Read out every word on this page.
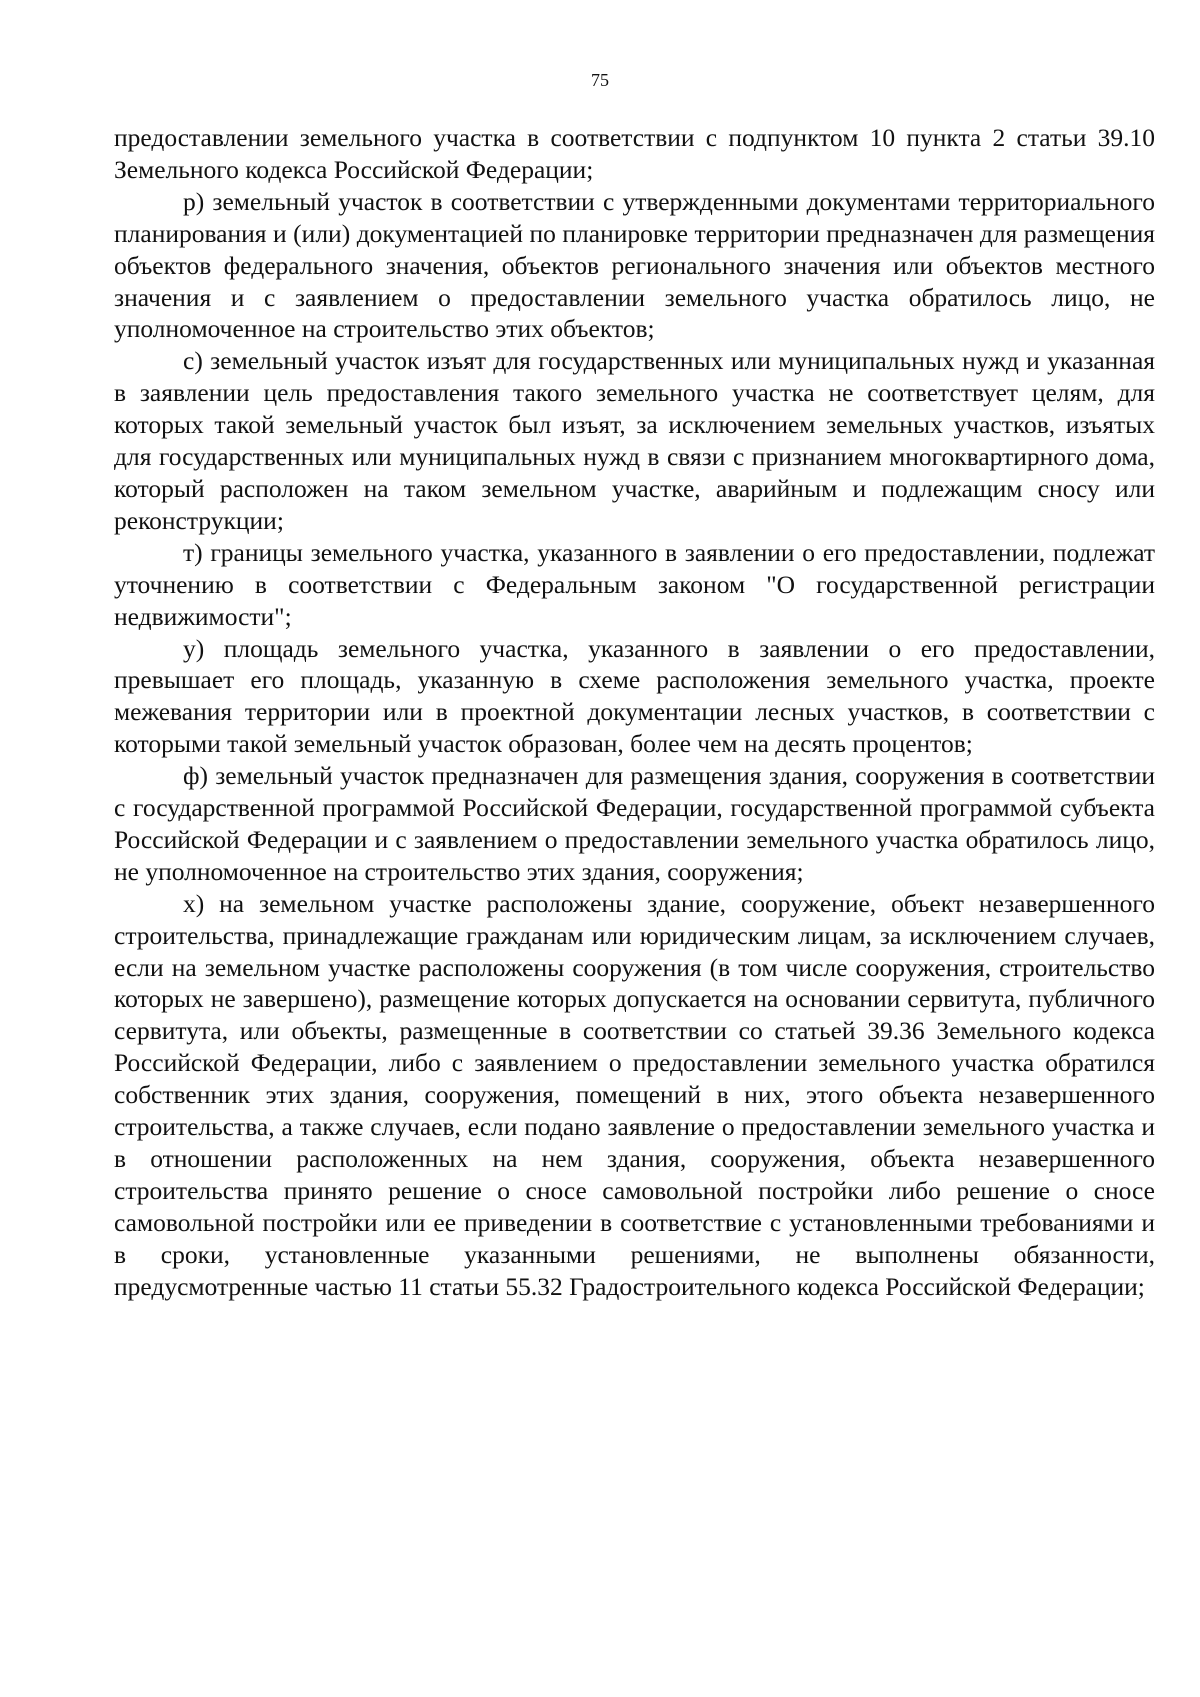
75

предоставлении земельного участка в соответствии с подпунктом 10 пункта 2 статьи 39.10 Земельного кодекса Российской Федерации;

р) земельный участок в соответствии с утвержденными документами территориального планирования и (или) документацией по планировке территории предназначен для размещения объектов федерального значения, объектов регионального значения или объектов местного значения и с заявлением о предоставлении земельного участка обратилось лицо, не уполномоченное на строительство этих объектов;

с) земельный участок изъят для государственных или муниципальных нужд и указанная в заявлении цель предоставления такого земельного участка не соответствует целям, для которых такой земельный участок был изъят, за исключением земельных участков, изъятых для государственных или муниципальных нужд в связи с признанием многоквартирного дома, который расположен на таком земельном участке, аварийным и подлежащим сносу или реконструкции;

т) границы земельного участка, указанного в заявлении о его предоставлении, подлежат уточнению в соответствии с Федеральным законом "О государственной регистрации недвижимости";

у) площадь земельного участка, указанного в заявлении о его предоставлении, превышает его площадь, указанную в схеме расположения земельного участка, проекте межевания территории или в проектной документации лесных участков, в соответствии с которыми такой земельный участок образован, более чем на десять процентов;

ф) земельный участок предназначен для размещения здания, сооружения в соответствии с государственной программой Российской Федерации, государственной программой субъекта Российской Федерации и с заявлением о предоставлении земельного участка обратилось лицо, не уполномоченное на строительство этих здания, сооружения;

х) на земельном участке расположены здание, сооружение, объект незавершенного строительства, принадлежащие гражданам или юридическим лицам, за исключением случаев, если на земельном участке расположены сооружения (в том числе сооружения, строительство которых не завершено), размещение которых допускается на основании сервитута, публичного сервитута, или объекты, размещенные в соответствии со статьей 39.36 Земельного кодекса Российской Федерации, либо с заявлением о предоставлении земельного участка обратился собственник этих здания, сооружения, помещений в них, этого объекта незавершенного строительства, а также случаев, если подано заявление о предоставлении земельного участка и в отношении расположенных на нем здания, сооружения, объекта незавершенного строительства принято решение о сносе самовольной постройки либо решение о сносе самовольной постройки или ее приведении в соответствие с установленными требованиями и в сроки, установленные указанными решениями, не выполнены обязанности, предусмотренные частью 11 статьи 55.32 Градостроительного кодекса Российской Федерации;
